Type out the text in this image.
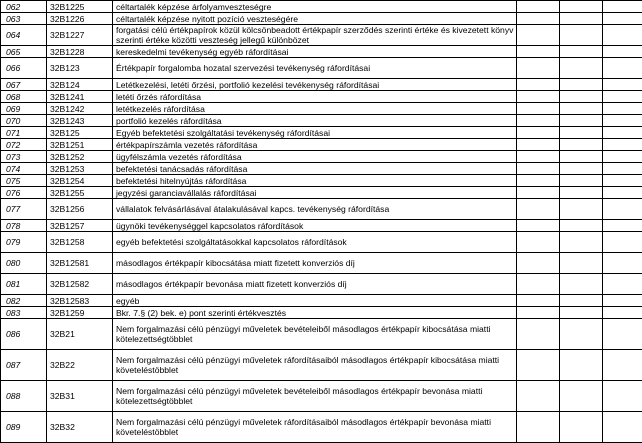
062	32B1225	céltartalék képzése árfolyamveszteségre			
063	32B1226	céltartalék képzése nyitott pozíció veszteségére			
064	32B1227	forgatási célú értékpapírok közül kölcsönbeadott értékpapír szerződés szerinti értéke és kivezetett könyv szerinti értéke közötti veszteség jellegű különbözet			
065	32B1228	kereskedelmi tevékenység egyéb ráfordításai			
066	32B123	Értékpapír forgalomba hozatal szervezési tevékenység ráfordításai			
067	32B124	Letétkezelési, letéti őrzési, portfolió kezelési tevékenység ráfordításai			
068	32B1241	letéti őrzés ráfordítása			
069	32B1242	letétkezelés ráfordítása			
070	32B1243	portfolió kezelés ráfordítása			
071	32B125	Egyéb befektetési szolgáltatási tevékenység ráfordításai			
072	32B1251	értékpapírszámla vezetés ráfordítása			
073	32B1252	ügyfélszámla vezetés ráfordítása			
074	32B1253	befektetési tanácsadás ráfordítása			
075	32B1254	befektetési hitelnyújtás ráfordítása			
076	32B1255	jegyzési garanciavállalás ráfordításai			
077	32B1256	vállalatok felvásárlásával átalakulásával kapcs. tevékenység ráfordítása			
078	32B1257	ügynöki tevékenységgel kapcsolatos ráfordítások			
079	32B1258	egyéb befektetési szolgáltatásokkal kapcsolatos ráfordítások			
080	32B12581	másodlagos értékpapír kibocsátása miatt fizetett konverziós díj			
081	32B12582	másodlagos értékpapír bevonása miatt fizetett konverziós díj			
082	32B12583	egyéb			
083	32B1259	Bkr. 7.§ (2) bek. e) pont szerinti értékvesztés			
086	32B21	Nem forgalmazási célú pénzügyi műveletek bevételeiből másodlagos értékpapír kibocsátása miatti kötelezettségtöbblet			
087	32B22	Nem forgalmazási célú pénzügyi műveletek ráfordításaiból másodlagos értékpapír kibocsátása miatti követeléstöbblet			
088	32B31	Nem forgalmazási célú pénzügyi műveletek bevételeiből másodlagos értékpapír bevonása miatti kötelezettségtöbblet			
089	32B32	Nem forgalmazási célú pénzügyi műveletek ráfordításaiból másodlagos értékpapír bevonása miatti követeléstöbblet			
